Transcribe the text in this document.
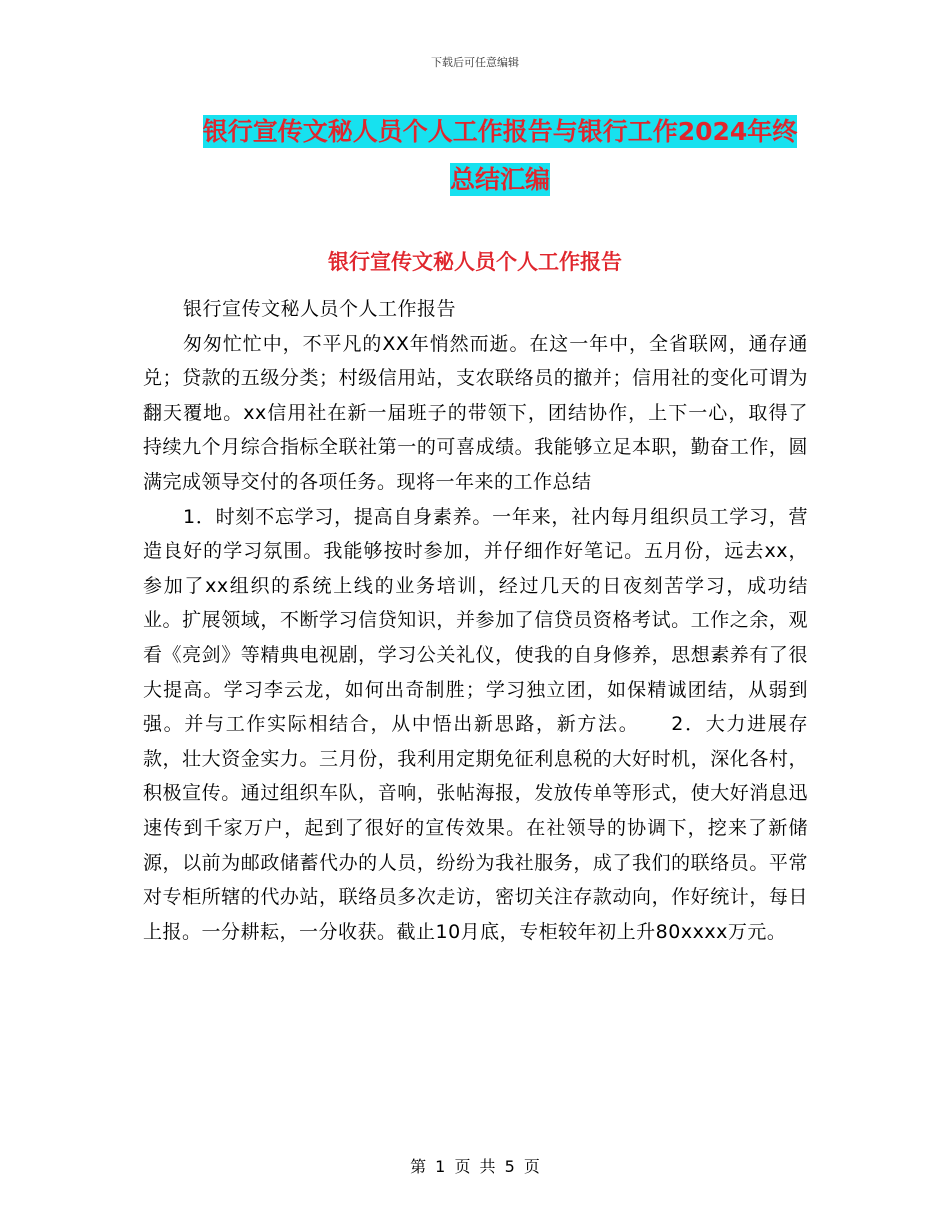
下载后可任意编辑
银行宣传文秘人员个人工作报告与银行工作2024年终
总结汇编
银行宣传文秘人员个人工作报告

银行宣传文秘人员个人工作报告

匆匆忙忙中，不平凡的XX年悄然而逝。在这一年中，全省联网，通存通兑；贷款的五级分类；村级信用站，支农联络员的撤并；信用社的变化可谓为翻天覆地。xx信用社在新一届班子的带领下，团结协作，上下一心，取得了持续九个月综合指标全联社第一的可喜成绩。我能够立足本职，勤奋工作，圆满完成领导交付的各项任务。现将一年来的工作总结

1．时刻不忘学习，提高自身素养。一年来，社内每月组织员工学习，营造良好的学习氛围。我能够按时参加，并仔细作好笔记。五月份，远去xx，参加了xx组织的系统上线的业务培训，经过几天的日夜刻苦学习，成功结业。扩展领域，不断学习信贷知识，并参加了信贷员资格考试。工作之余，观看《亮剑》等精典电视剧，学习公关礼仪，使我的自身修养，思想素养有了很大提高。学习李云龙，如何出奇制胜；学习独立团，如保精诚团结，从弱到强。并与工作实际相结合，从中悟出新思路，新方法。　　2．大力进展存款，壮大资金实力。三月份，我利用定期免征利息税的大好时机，深化各村，积极宣传。通过组织车队，音响，张帖海报，发放传单等形式，使大好消息迅速传到千家万户，起到了很好的宣传效果。在社领导的协调下，挖来了新储源，以前为邮政储蓄代办的人员，纷纷为我社服务，成了我们的联络员。平常对专柜所辖的代办站，联络员多次走访，密切关注存款动向，作好统计，每日上报。一分耕耘，一分收获。截止10月底，专柜较年初上升80xxxx万元。

第 1 页 共 5 页
